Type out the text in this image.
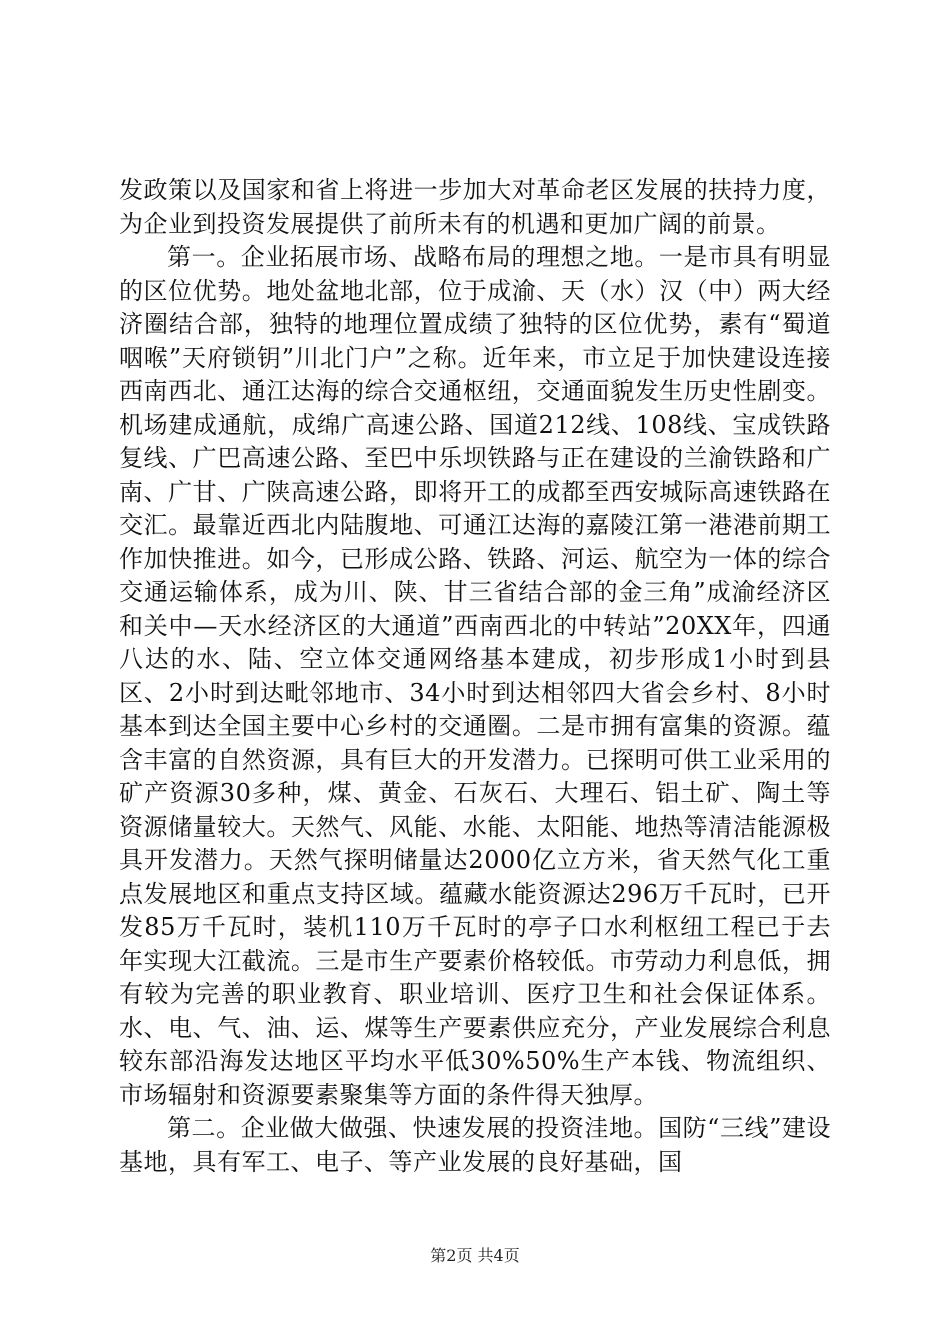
发政策以及国家和省上将进一步加大对革命老区发展的扶持力度，为企业到投资发展提供了前所未有的机遇和更加广阔的前景。

第一。企业拓展市场、战略布局的理想之地。一是市具有明显的区位优势。地处盆地北部，位于成渝、天（水）汉（中）两大经济圈结合部，独特的地理位置成绩了独特的区位优势，素有“蜀道咽喉”天府锁钥”川北门户”之称。近年来，市立足于加快建设连接西南西北、通江达海的综合交通枢纽，交通面貌发生历史性剧变。机场建成通航，成绵广高速公路、国道212线、108线、宝成铁路复线、广巴高速公路、至巴中乐坝铁路与正在建设的兰渝铁路和广南、广甘、广陕高速公路，即将开工的成都至西安城际高速铁路在交汇。最靠近西北内陆腹地、可通江达海的嘉陵江第一港港前期工作加快推进。如今，已形成公路、铁路、河运、航空为一体的综合交通运输体系，成为川、陕、甘三省结合部的金三角”成渝经济区和关中—天水经济区的大通道”西南西北的中转站”20XX年，四通八达的水、陆、空立体交通网络基本建成，初步形成1小时到县区、2小时到达毗邻地市、34小时到达相邻四大省会乡村、8小时基本到达全国主要中心乡村的交通圈。二是市拥有富集的资源。蕴含丰富的自然资源，具有巨大的开发潜力。已探明可供工业采用的矿产资源30多种，煤、黄金、石灰石、大理石、铝土矿、陶土等资源储量较大。天然气、风能、水能、太阳能、地热等清洁能源极具开发潜力。天然气探明储量达2000亿立方米，省天然气化工重点发展地区和重点支持区域。蕴藏水能资源达296万千瓦时，已开发85万千瓦时，装机110万千瓦时的亭子口水利枢纽工程已于去年实现大江截流。三是市生产要素价格较低。市劳动力利息低，拥有较为完善的职业教育、职业培训、医疗卫生和社会保证体系。水、电、气、油、运、煤等生产要素供应充分，产业发展综合利息较东部沿海发达地区平均水平低30%50%生产本钱、物流组织、市场辐射和资源要素聚集等方面的条件得天独厚。

第二。企业做大做强、快速发展的投资洼地。国防“三线”建设基地，具有军工、电子、等产业发展的良好基础，国

第2页 共4页
